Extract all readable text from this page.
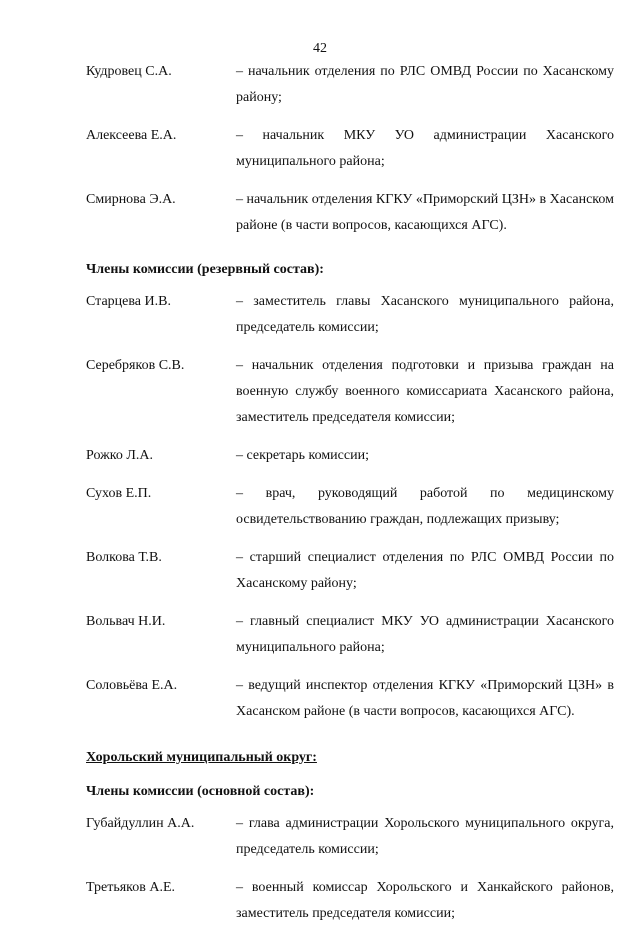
42
Кудровец С.А.	– начальник отделения по РЛС ОМВД России по Хасанскому району;
Алексеева Е.А.	– начальник МКУ УО администрации Хасанского муниципального района;
Смирнова Э.А.	– начальник отделения КГКУ «Приморский ЦЗН» в Хасанском районе (в части вопросов, касающихся АГС).
Члены комиссии (резервный состав):
Старцева И.В.	– заместитель главы Хасанского муниципального района, председатель комиссии;
Серебряков С.В.	– начальник отделения подготовки и призыва граждан на военную службу военного комиссариата Хасанского района, заместитель председателя комиссии;
Рожко Л.А.	– секретарь комиссии;
Сухов Е.П.	– врач, руководящий работой по медицинскому освидетельствованию граждан, подлежащих призыву;
Волкова Т.В.	– старший специалист отделения по РЛС ОМВД России по Хасанскому району;
Вольвач Н.И.	– главный специалист МКУ УО администрации Хасанского муниципального района;
Соловьёва Е.А.	– ведущий инспектор отделения КГКУ «Приморский ЦЗН» в Хасанском районе (в части вопросов, касающихся АГС).
Хорольский муниципальный округ:
Члены комиссии (основной состав):
Губайдуллин А.А.	– глава администрации Хорольского муниципального округа, председатель комиссии;
Третьяков А.Е.	– военный комиссар Хорольского и Ханкайского районов, заместитель председателя комиссии;
